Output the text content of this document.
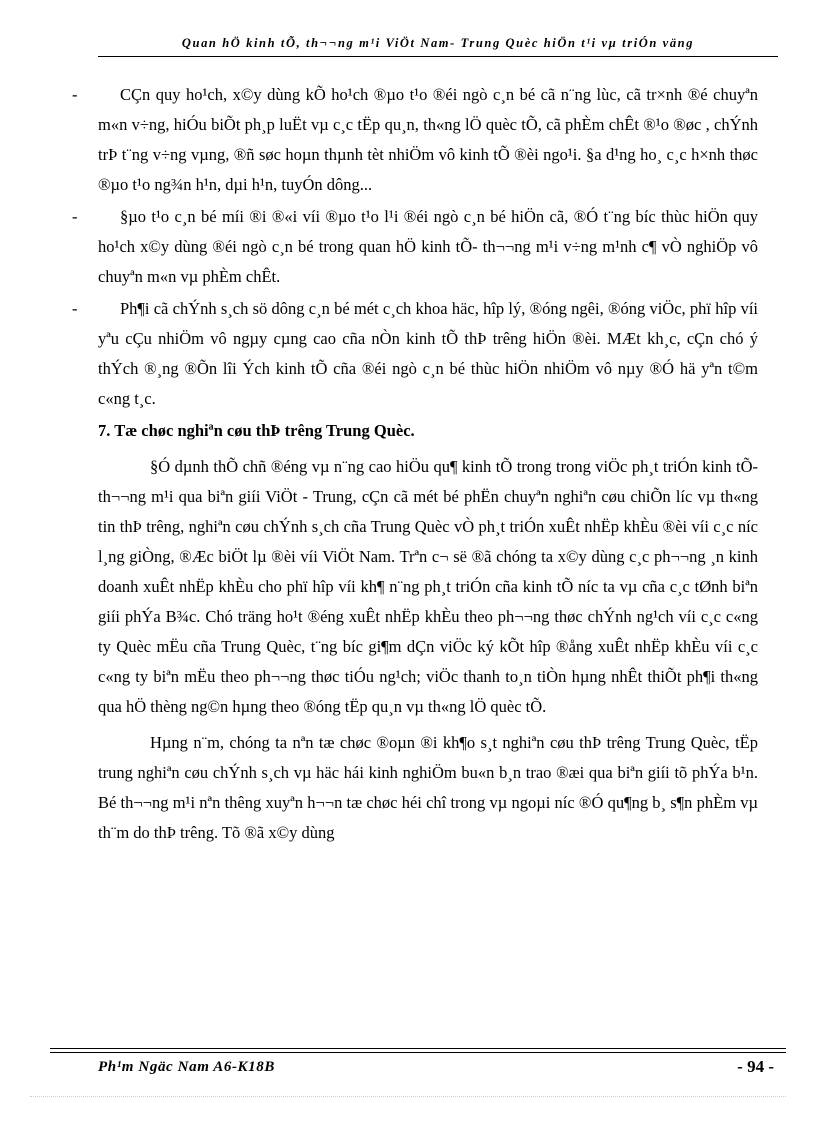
Quan hÖ kinh tÕ, th¬¬ng m¹i ViÖt Nam- Trung Quèc hiÖn t¹i vµ triÓn väng
-	CÇn quy ho¹ch, x©y dùng kÕ ho¹ch ®µo t¹o ®éi ngò c¸n bé cã n¨ng lùc, cã tr×nh ®é chuyªn m«n v÷ng, hiÓu biÕt ph¸p luËt vµ c¸c tËp qu¸n, th«ng lÖ quèc tÕ, cã phÈm chÊt ®¹o ®øc , chÝnh trÞ t¨ng v÷ng vµng, ®ñ søc hoµn thµnh tèt nhiÖm vô kinh tÕ ®èi ngo¹i. §a d¹ng ho¸ c¸c h×nh thøc ®µo t¹o ng¾n h¹n, dµi h¹n, tuyÓn dông...
-	§µo t¹o c¸n bé míi ®i ®«i víi ®µo t¹o l¹i ®éi ngò c¸n bé hiÖn cã, ®Ó t¨ng bíc thùc hiÖn quy ho¹ch x©y dùng ®éi ngò c¸n bé trong quan hÖ kinh tÕ- th¬¬ng m¹i v÷ng m¹nh c¶ vÒ nghiÖp vô chuyªn m«n vµ phÈm chÊt.
-	Ph¶i cã chÝnh s¸ch sö dông c¸n bé mét c¸ch khoa häc, hîp lý, ®óng ngêi, ®óng viÖc, phï hîp víi yªu cÇu nhiÖm vô ngµy cµng cao cña nÒn kinh tÕ thÞ trêng hiÖn ®èi. MÆt kh¸c, cÇn chó ý thÝch ®¸ng ®Õn lîi Ých kinh tÕ cña ®éi ngò c¸n bé thùc hiÖn nhiÖm vô nµy ®Ó hä yªn t©m c«ng t¸c.
7. Tæ chøc nghiªn cøu thÞ trêng Trung Quèc.

§Ó dµnh thÕ chñ ®éng vµ n¨ng cao hiÖu qu¶ kinh tÕ trong trong viÖc ph¸t triÓn kinh tÕ- th¬¬ng m¹i qua biªn giíi ViÖt - Trung, cÇn cã mét bé phËn chuyªn nghiªn cøu chiÕn líc vµ th«ng tin thÞ trêng, nghiªn cøu chÝnh s¸ch cña Trung Quèc vÒ ph¸t triÓn xuÊt nhËp khÈu ®èi víi c¸c níc l¸ng giÒng, ®Æc biÖt lµ ®èi víi ViÖt Nam. Trªn c¬ së ®ã chóng ta x©y dùng c¸c ph¬¬ng ¸n kinh doanh xuÊt nhËp khÈu cho phï hîp víi kh¶ n¨ng ph¸t triÓn cña kinh tÕ níc ta vµ cña c¸c tØnh biªn giíi phÝa B¾c. Chó träng ho¹t ®éng xuÊt nhËp khÈu theo ph¬¬ng thøc chÝnh ng¹ch víi c¸c c«ng ty Quèc mËu cña Trung Quèc, t¨ng bíc gi¶m dÇn viÖc ký kÕt hîp ®ång xuÊt nhËp khÈu víi c¸c c«ng ty biªn mËu theo ph¬¬ng thøc tiÓu ng¹ch; viÖc thanh to¸n tiÒn hµng nhÊt thiÕt ph¶i th«ng qua hÖ thèng ng©n hµng theo ®óng tËp qu¸n vµ th«ng lÖ quèc tÕ.

Hµng n¨m, chóng ta nªn tæ chøc ®oµn ®i kh¶o s¸t nghiªn cøu thÞ trêng Trung Quèc, tËp trung nghiªn cøu chÝnh s¸ch vµ häc hái kinh nghiÖm bu«n b¸n trao ®æi qua biªn giíi tõ phÝa b¹n. Bé th¬¬ng m¹i nªn thêng xuyªn h¬¬n tæ chøc héi chî trong vµ ngoµi níc ®Ó qu¶ng b¸ s¶n phÈm vµ th¨m do thÞ trêng. Tõ ®ã x©y dùng

Ph¹m Ngäc Nam A6-K18B	- 94 -
